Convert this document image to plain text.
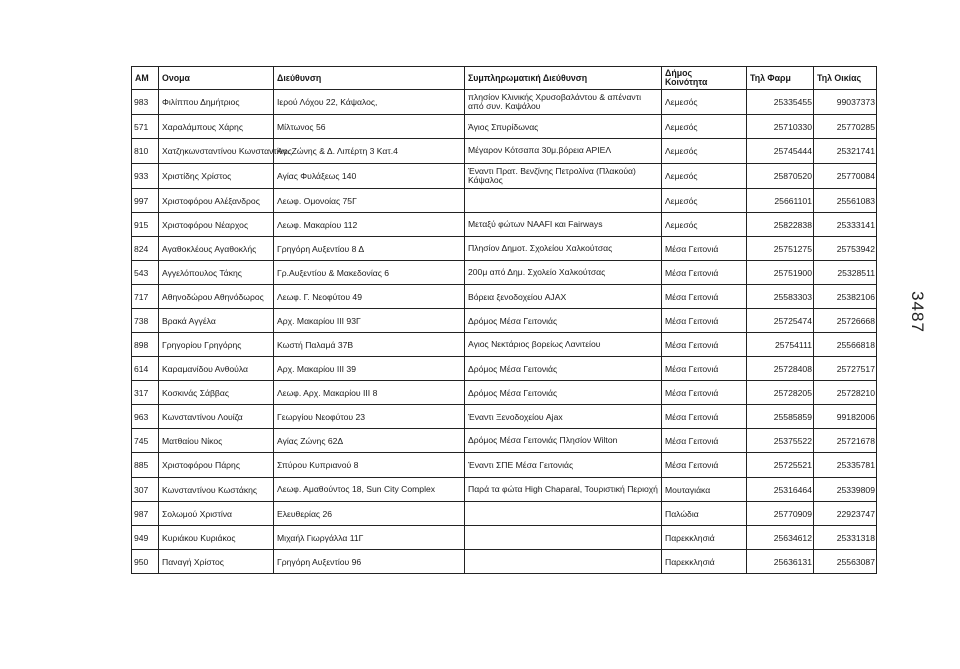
AM	Ονομα	Διεύθυνση	Συμπληρωματική Διεύθυνση	Δήμος Κοινότητα	Τηλ Φαρμ	Τηλ Οικίας
983	Φιλίππου Δημήτριος	Ιερού Λόχου 22, Κάψαλος,	πλησίον Κλινικής Χρυσοβαλάντου & απέναντι από συν. Καψάλου	Λεμεσός	25335455	99037373
571	Χαραλάμπους Χάρης	Μίλτωνος 56	Άγιος Σπυρίδωνας	Λεμεσός	25710330	25770285
810	Χατζηκωνσταντίνου Κωνσταντίνος	Αγ. Ζώνης & Δ. Λιπέρτη 3 Κατ.4	Μέγαρον Κότσαπα 30μ.βόρεια ΑΡΙΕΛ	Λεμεσός	25745444	25321741
933	Χριστίδης Χρίστος	Αγίας Φυλάξεως 140	Έναντι Πρατ. Βενζίνης Πετρολίνα (Πλακούα) Κάψαλος	Λεμεσός	25870520	25770084
997	Χριστοφόρου Αλέξανδρος	Λεωφ. Ομονοίας 75Γ		Λεμεσός	25661101	25561083
915	Χριστοφόρου Νέαρχος	Λεωφ. Μακαρίου 112	Μεταξύ φώτων NAAFI και Fairways	Λεμεσός	25822838	25333141
824	Αγαθοκλέους Αγαθοκλής	Γρηγόρη Αυξεντίου 8 Δ	Πλησίον Δημοτ. Σχολείου Χαλκούτσας	Μέσα Γειτονιά	25751275	25753942
543	Αγγελόπουλος Τάκης	Γρ.Αυξεντίου & Μακεδονίας 6	200μ από Δημ. Σχολείο Χαλκούτσας	Μέσα Γειτονιά	25751900	25328511
717	Αθηνοδώρου Αθηνόδωρος	Λεωφ. Γ. Νεοφύτου 49	Βόρεια ξενοδοχείου AJAX	Μέσα Γειτονιά	25583303	25382106
738	Βρακά Αγγέλα	Αρχ. Μακαρίου ΙΙΙ 93Γ	Δρόμος Μέσα Γειτονιάς	Μέσα Γειτονιά	25725474	25726668
898	Γρηγορίου Γρηγόρης	Κωστή Παλαμά 37Β	Αγιος Νεκτάριος βορείως Λανιτείου	Μέσα Γειτονιά	25754111	25566818
614	Καραμανίδου Ανθούλα	Αρχ. Μακαρίου ΙΙΙ 39	Δρόμος Μέσα Γειτονιάς	Μέσα Γειτονιά	25728408	25727517
317	Κοσκινάς Σάββας	Λεωφ. Αρχ. Μακαρίου ΙΙΙ 8	Δρόμος Μέσα Γειτονιάς	Μέσα Γειτονιά	25728205	25728210
963	Κωνσταντίνου Λουίζα	Γεωργίου Νεοφύτου 23	Έναντι Ξενοδοχείου Ajax	Μέσα Γειτονιά	25585859	99182006
745	Ματθαίου Νίκος	Αγίας Ζώνης 62Δ	Δρόμος Μέσα Γειτονιάς Πλησίον Wilton	Μέσα Γειτονιά	25375522	25721678
885	Χριστοφόρου Πάρης	Σπύρου Κυπριανού 8	Έναντι ΣΠΕ Μέσα Γειτονιάς	Μέσα Γειτονιά	25725521	25335781
307	Κωνσταντίνου Κωστάκης	Λεωφ. Αμαθούντος 18, Sun City Complex	Παρά τα φώτα High Chaparal, Τουριστική Περιοχή	Μουταγιάκα	25316464	25339809
987	Σολωμού Χριστίνα	Ελευθερίας 26		Παλώδια	25770909	22923747
949	Κυριάκου Κυριάκος	Μιχαήλ Γιωργάλλα 11Γ		Παρεκκλησιά	25634612	25331318
950	Παναγή Χρίστος	Γρηγόρη Αυξεντίου 96		Παρεκκλησιά	25636131	25563087
3487
